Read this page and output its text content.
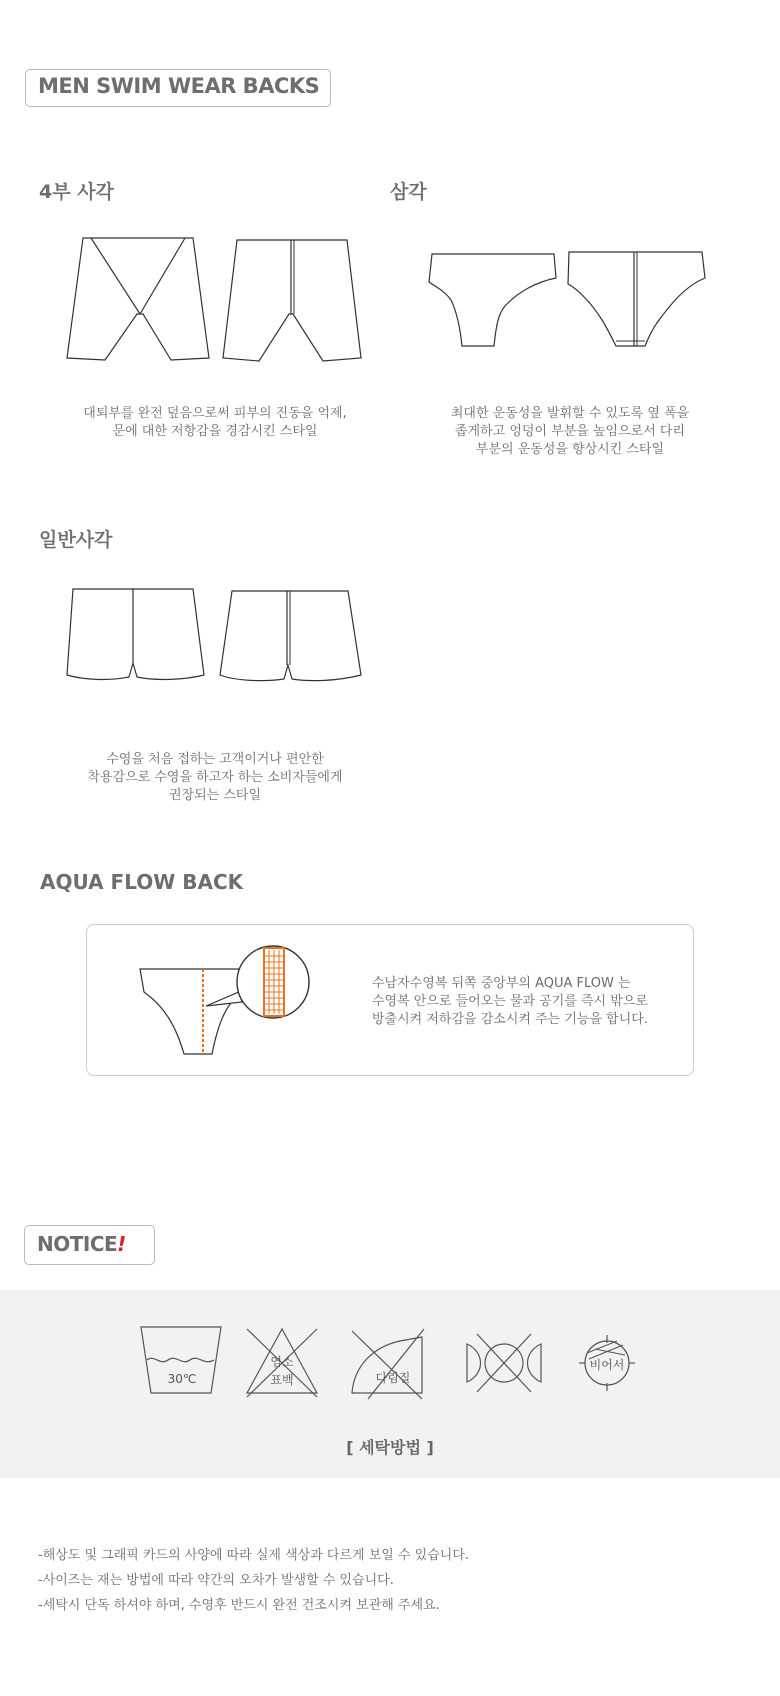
MEN SWIM WEAR BACKS
4부 사각
대퇴부를 완전 덮음으로써 피부의 진동을 억제,
문에 대한 저항감을 경감시킨 스타일
삼각
최대한 운동성을 발휘할 수 있도록 옆 폭을
좁게하고 엉덩이 부분을 높임으로서 다리
부분의 운동성을 향상시킨 스타일
일반사각
수영을 처음 접하는 고객이거나 편안한
착용감으로 수영을 하고자 하는 소비자들에게
권장되는 스타일
AQUA FLOW BACK
수남자수영복 뒤쪽 중앙부의 AQUA FLOW 는
수영복 안으로 들어오는 물과 공기를 즉시 밖으로
방출시켜 저하감을 감소시켜 주는 기능을 합니다.
NOTICE!
30℃
염소
표백	다림질
비어서
[ 세탁방법 ]
-해상도 및 그래픽 카드의 사양에 따라 실제 색상과 다르게 보일 수 있습니다.
-사이즈는 재는 방법에 따라 약간의 오차가 발생할 수 있습니다.
-세탁시 단독 하셔야 하며, 수영후 반드시 완전 건조시켜 보관해 주세요.
